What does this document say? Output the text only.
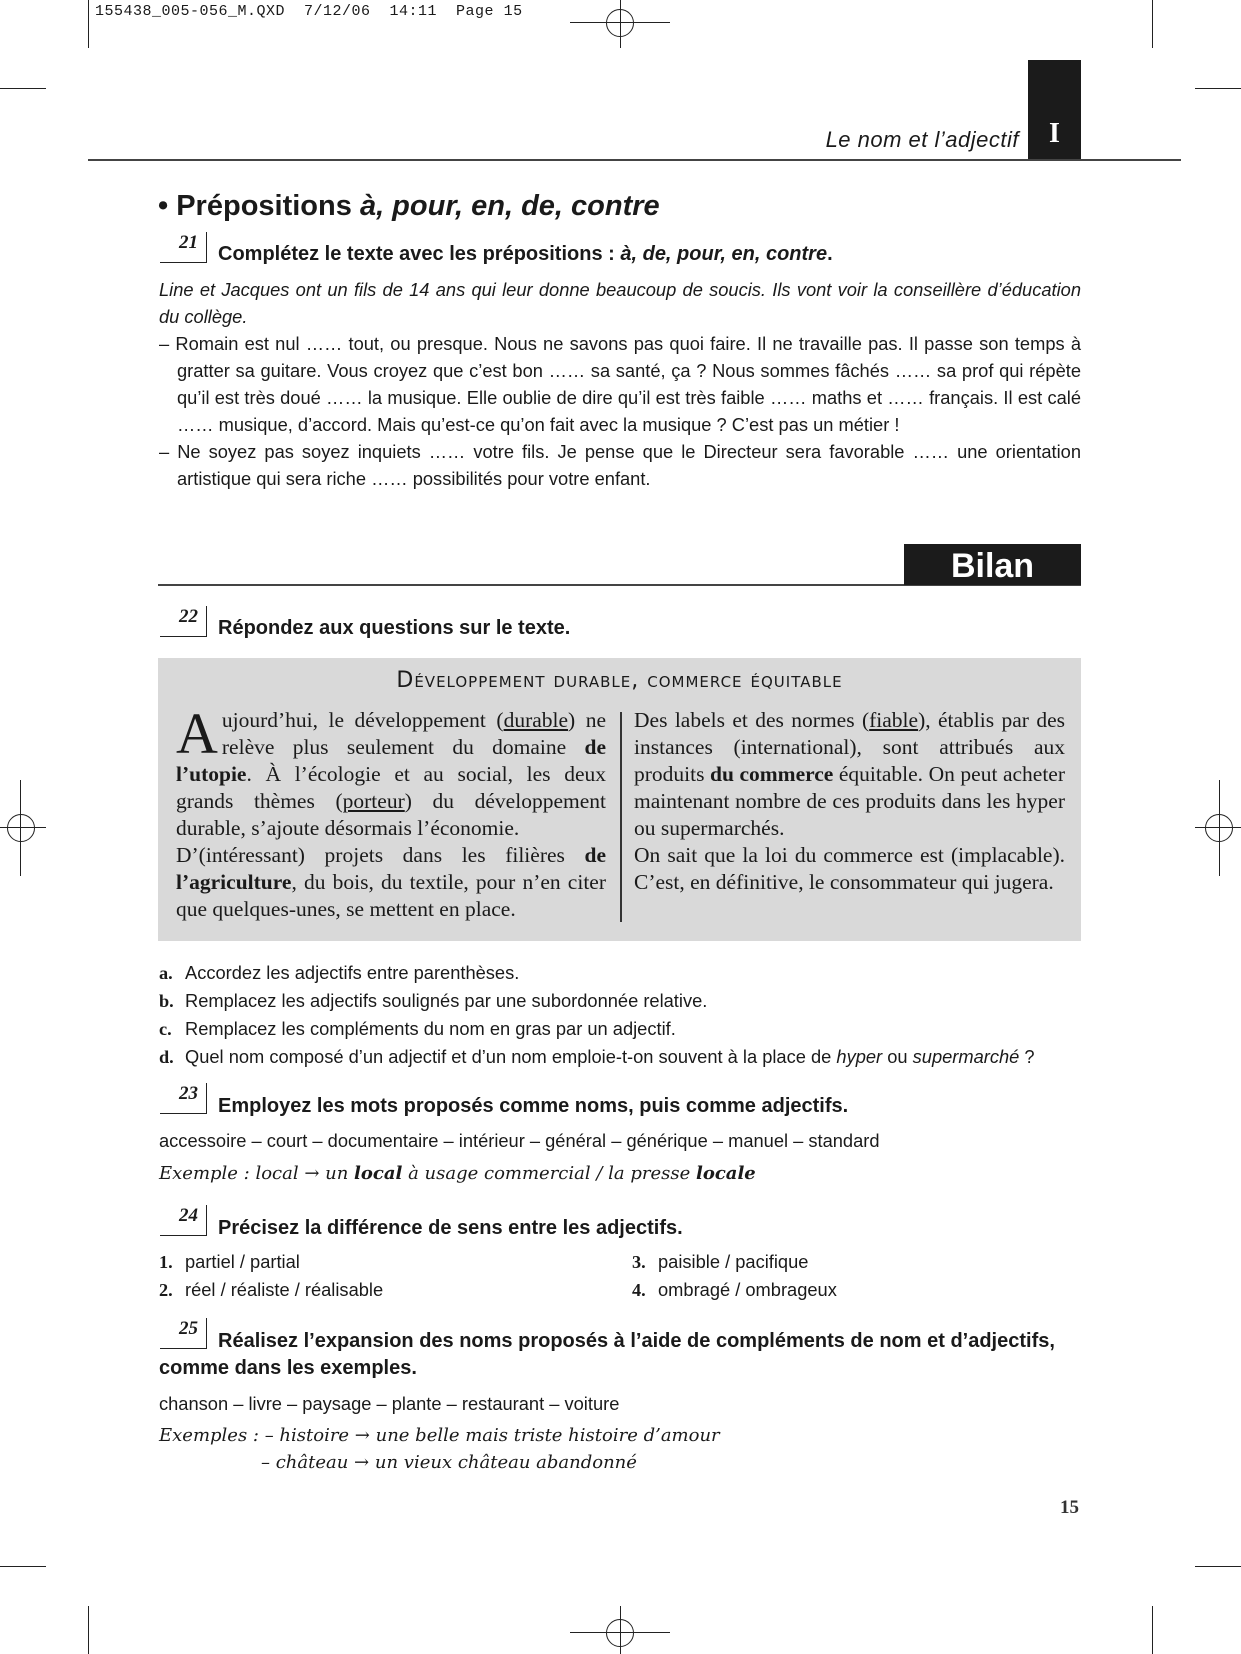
155438_005-056_M.QXD  7/12/06  14:11  Page 15
I
Le nom et l’adjectif
• Prépositions à, pour, en, de, contre
21
Complétez le texte avec les prépositions : à, de, pour, en, contre.
Line et Jacques ont un fils de 14 ans qui leur donne beaucoup de soucis. Ils vont voir la conseillère d’éducation du collège.
– Romain est nul …… tout, ou presque. Nous ne savons pas quoi faire. Il ne travaille pas. Il passe son temps à gratter sa guitare. Vous croyez que c’est bon …… sa santé, ça ? Nous sommes fâchés …… sa prof qui répète qu’il est très doué …… la musique. Elle oublie de dire qu’il est très faible …… maths et …… français. Il est calé …… musique, d’accord. Mais qu’est-ce qu’on fait avec la musique ? C’est pas un métier !
– Ne soyez pas soyez inquiets …… votre fils. Je pense que le Directeur sera favorable …… une orientation artistique qui sera riche …… possibilités pour votre enfant.
Bilan
22
Répondez aux questions sur le texte.
Développement durable, commerce équitable
Aujourd’hui, le développement (durable) ne relève plus seulement du domaine de l’utopie. À l’écologie et au social, les deux grands thèmes (porteur) du développement durable, s’ajoute désormais l’économie.
D’(intéressant) projets dans les filières de l’agriculture, du bois, du textile, pour n’en citer que quelques-unes, se mettent en place.
Des labels et des normes (fiable), établis par des instances (international), sont attribués aux produits du commerce équitable. On peut acheter maintenant nombre de ces produits dans les hyper ou supermarchés.
On sait que la loi du commerce est (implacable). C’est, en définitive, le consommateur qui jugera.
a. Accordez les adjectifs entre parenthèses.
b. Remplacez les adjectifs soulignés par une subordonnée relative.
c. Remplacez les compléments du nom en gras par un adjectif.
d. Quel nom composé d’un adjectif et d’un nom emploie-t-on souvent à la place de hyper ou supermarché ?
23
Employez les mots proposés comme noms, puis comme adjectifs.
accessoire – court – documentaire – intérieur – général – générique – manuel – standard
Exemple : local → un local à usage commercial / la presse locale
24
Précisez la différence de sens entre les adjectifs.
1. partiel / partial
2. réel / réaliste / réalisable
3. paisible / pacifique
4. ombragé / ombrageux
25
Réalisez l’expansion des noms proposés à l’aide de compléments de nom et d’adjectifs,
comme dans les exemples.
chanson – livre – paysage – plante – restaurant – voiture
Exemples : – histoire → une belle mais triste histoire d’amour
– château → un vieux château abandonné
15
